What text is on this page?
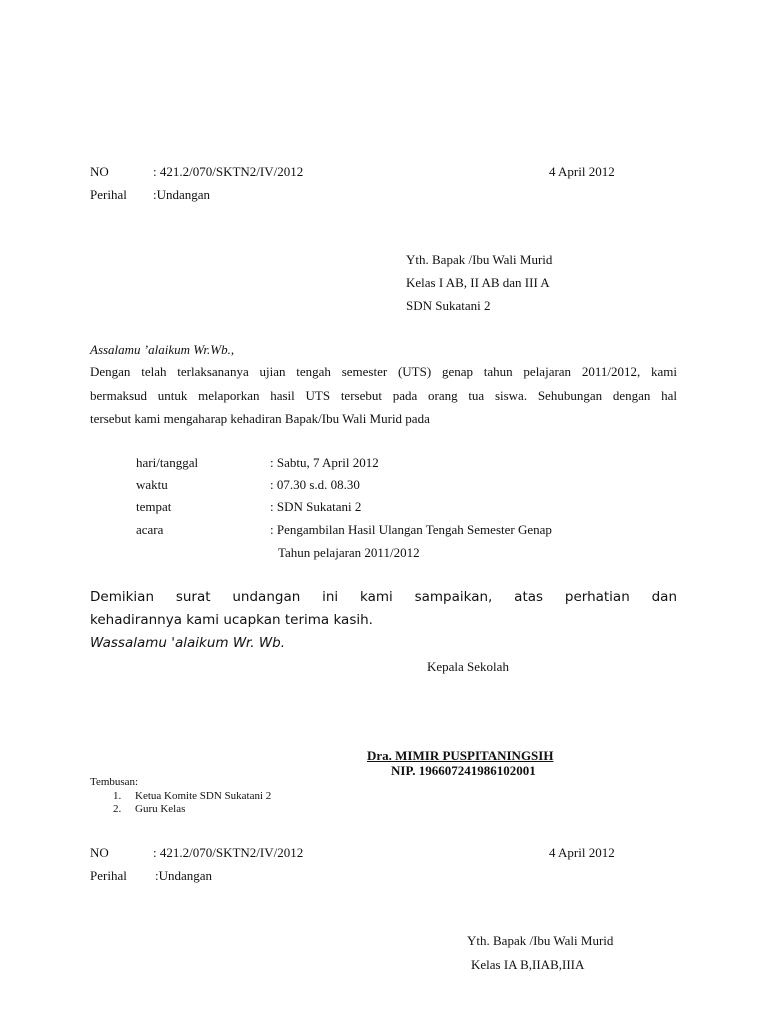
NO	: 421.2/070/SKTN2/IV/2012	4 April 2012
Perihal :Undangan
Yth. Bapak /Ibu Wali Murid
Kelas I AB, II AB dan III A
SDN Sukatani 2
Assalamu ’alaikum Wr.Wb.,
Dengan telah terlaksananya ujian tengah semester (UTS) genap tahun pelajaran 2011/2012, kami
bermaksud untuk melaporkan hasil UTS tersebut pada orang tua siswa. Sehubungan dengan hal
tersebut kami mengaharap kehadiran Bapak/Ibu Wali Murid pada
hari/tanggal	: Sabtu, 7 April 2012
waktu	: 07.30 s.d. 08.30
tempat	: SDN Sukatani 2
acara	: Pengambilan Hasil Ulangan Tengah Semester Genap
Tahun pelajaran 2011/2012
Demikian surat undangan ini kami sampaikan, atas perhatian dan
kehadirannya kami ucapkan terima kasih.
Wassalamu 'alaikum Wr. Wb.
Kepala Sekolah
Dra. MIMIR PUSPITANINGSIH
NIP. 196607241986102001
Tembusan:
1. Ketua Komite SDN Sukatani 2
2. Guru Kelas
NO	: 421.2/070/SKTN2/IV/2012	4 April 2012
Perihal :Undangan
Yth. Bapak /Ibu Wali Murid
Kelas IA B,IIAB,IIIA
